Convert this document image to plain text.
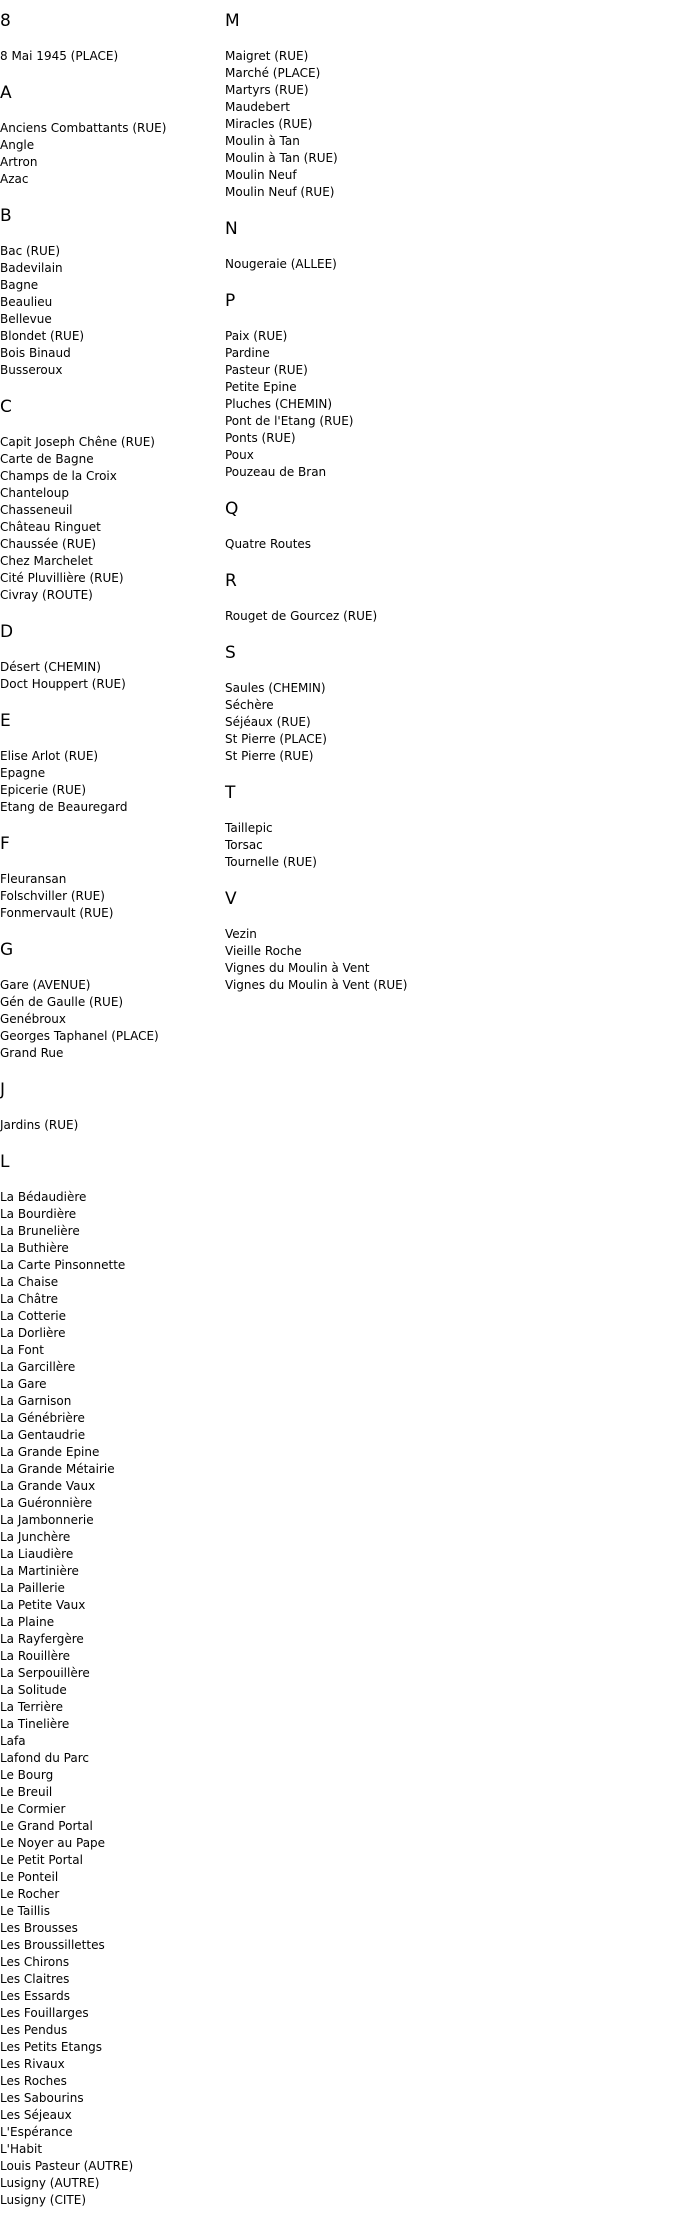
8
8 Mai 1945 (PLACE)
A
Anciens Combattants (RUE)
Angle
Artron
Azac
B
Bac (RUE)
Badevilain
Bagne
Beaulieu
Bellevue
Blondet (RUE)
Bois Binaud
Busseroux
C
Capit Joseph Chêne (RUE)
Carte de Bagne
Champs de la Croix
Chanteloup
Chasseneuil
Château Ringuet
Chaussée (RUE)
Chez Marchelet
Cité Pluvillière (RUE)
Civray (ROUTE)
D
Désert (CHEMIN)
Doct Houppert (RUE)
E
Elise Arlot (RUE)
Epagne
Epicerie (RUE)
Etang de Beauregard
F
Fleuransan
Folschviller (RUE)
Fonmervault (RUE)
G
Gare (AVENUE)
Gén de Gaulle (RUE)
Genébroux
Georges Taphanel (PLACE)
Grand Rue
J
Jardins (RUE)
L
La Bédaudière
La Bourdière
La Brunelière
La Buthière
La Carte Pinsonnette
La Chaise
La Châtre
La Cotterie
La Dorlière
La Font
La Garcillère
La Gare
La Garnison
La Génébrière
La Gentaudrie
La Grande Epine
La Grande Métairie
La Grande Vaux
La Guéronnière
La Jambonnerie
La Junchère
La Liaudière
La Martinière
La Paillerie
La Petite Vaux
La Plaine
La Rayfergère
La Rouillère
La Serpouillère
La Solitude
La Terrière
La Tinelière
Lafa
Lafond du Parc
Le Bourg
Le Breuil
Le Cormier
Le Grand Portal
Le Noyer au Pape
Le Petit Portal
Le Ponteil
Le Rocher
Le Taillis
Les Brousses
Les Broussillettes
Les Chirons
Les Claitres
Les Essards
Les Fouillarges
Les Pendus
Les Petits Etangs
Les Rivaux
Les Roches
Les Sabourins
Les Séjeaux
L'Espérance
L'Habit
Louis Pasteur (AUTRE)
Lusigny (AUTRE)
Lusigny (CITE)
M
Maigret (RUE)
Marché (PLACE)
Martyrs (RUE)
Maudebert
Miracles (RUE)
Moulin à Tan
Moulin à Tan (RUE)
Moulin Neuf
Moulin Neuf (RUE)
N
Nougeraie (ALLEE)
P
Paix (RUE)
Pardine
Pasteur (RUE)
Petite Epine
Pluches (CHEMIN)
Pont de l'Etang (RUE)
Ponts (RUE)
Poux
Pouzeau de Bran
Q
Quatre Routes
R
Rouget de Gourcez (RUE)
S
Saules (CHEMIN)
Séchère
Séjéaux (RUE)
St Pierre (PLACE)
St Pierre (RUE)
T
Taillepic
Torsac
Tournelle (RUE)
V
Vezin
Vieille Roche
Vignes du Moulin à Vent
Vignes du Moulin à Vent (RUE)
